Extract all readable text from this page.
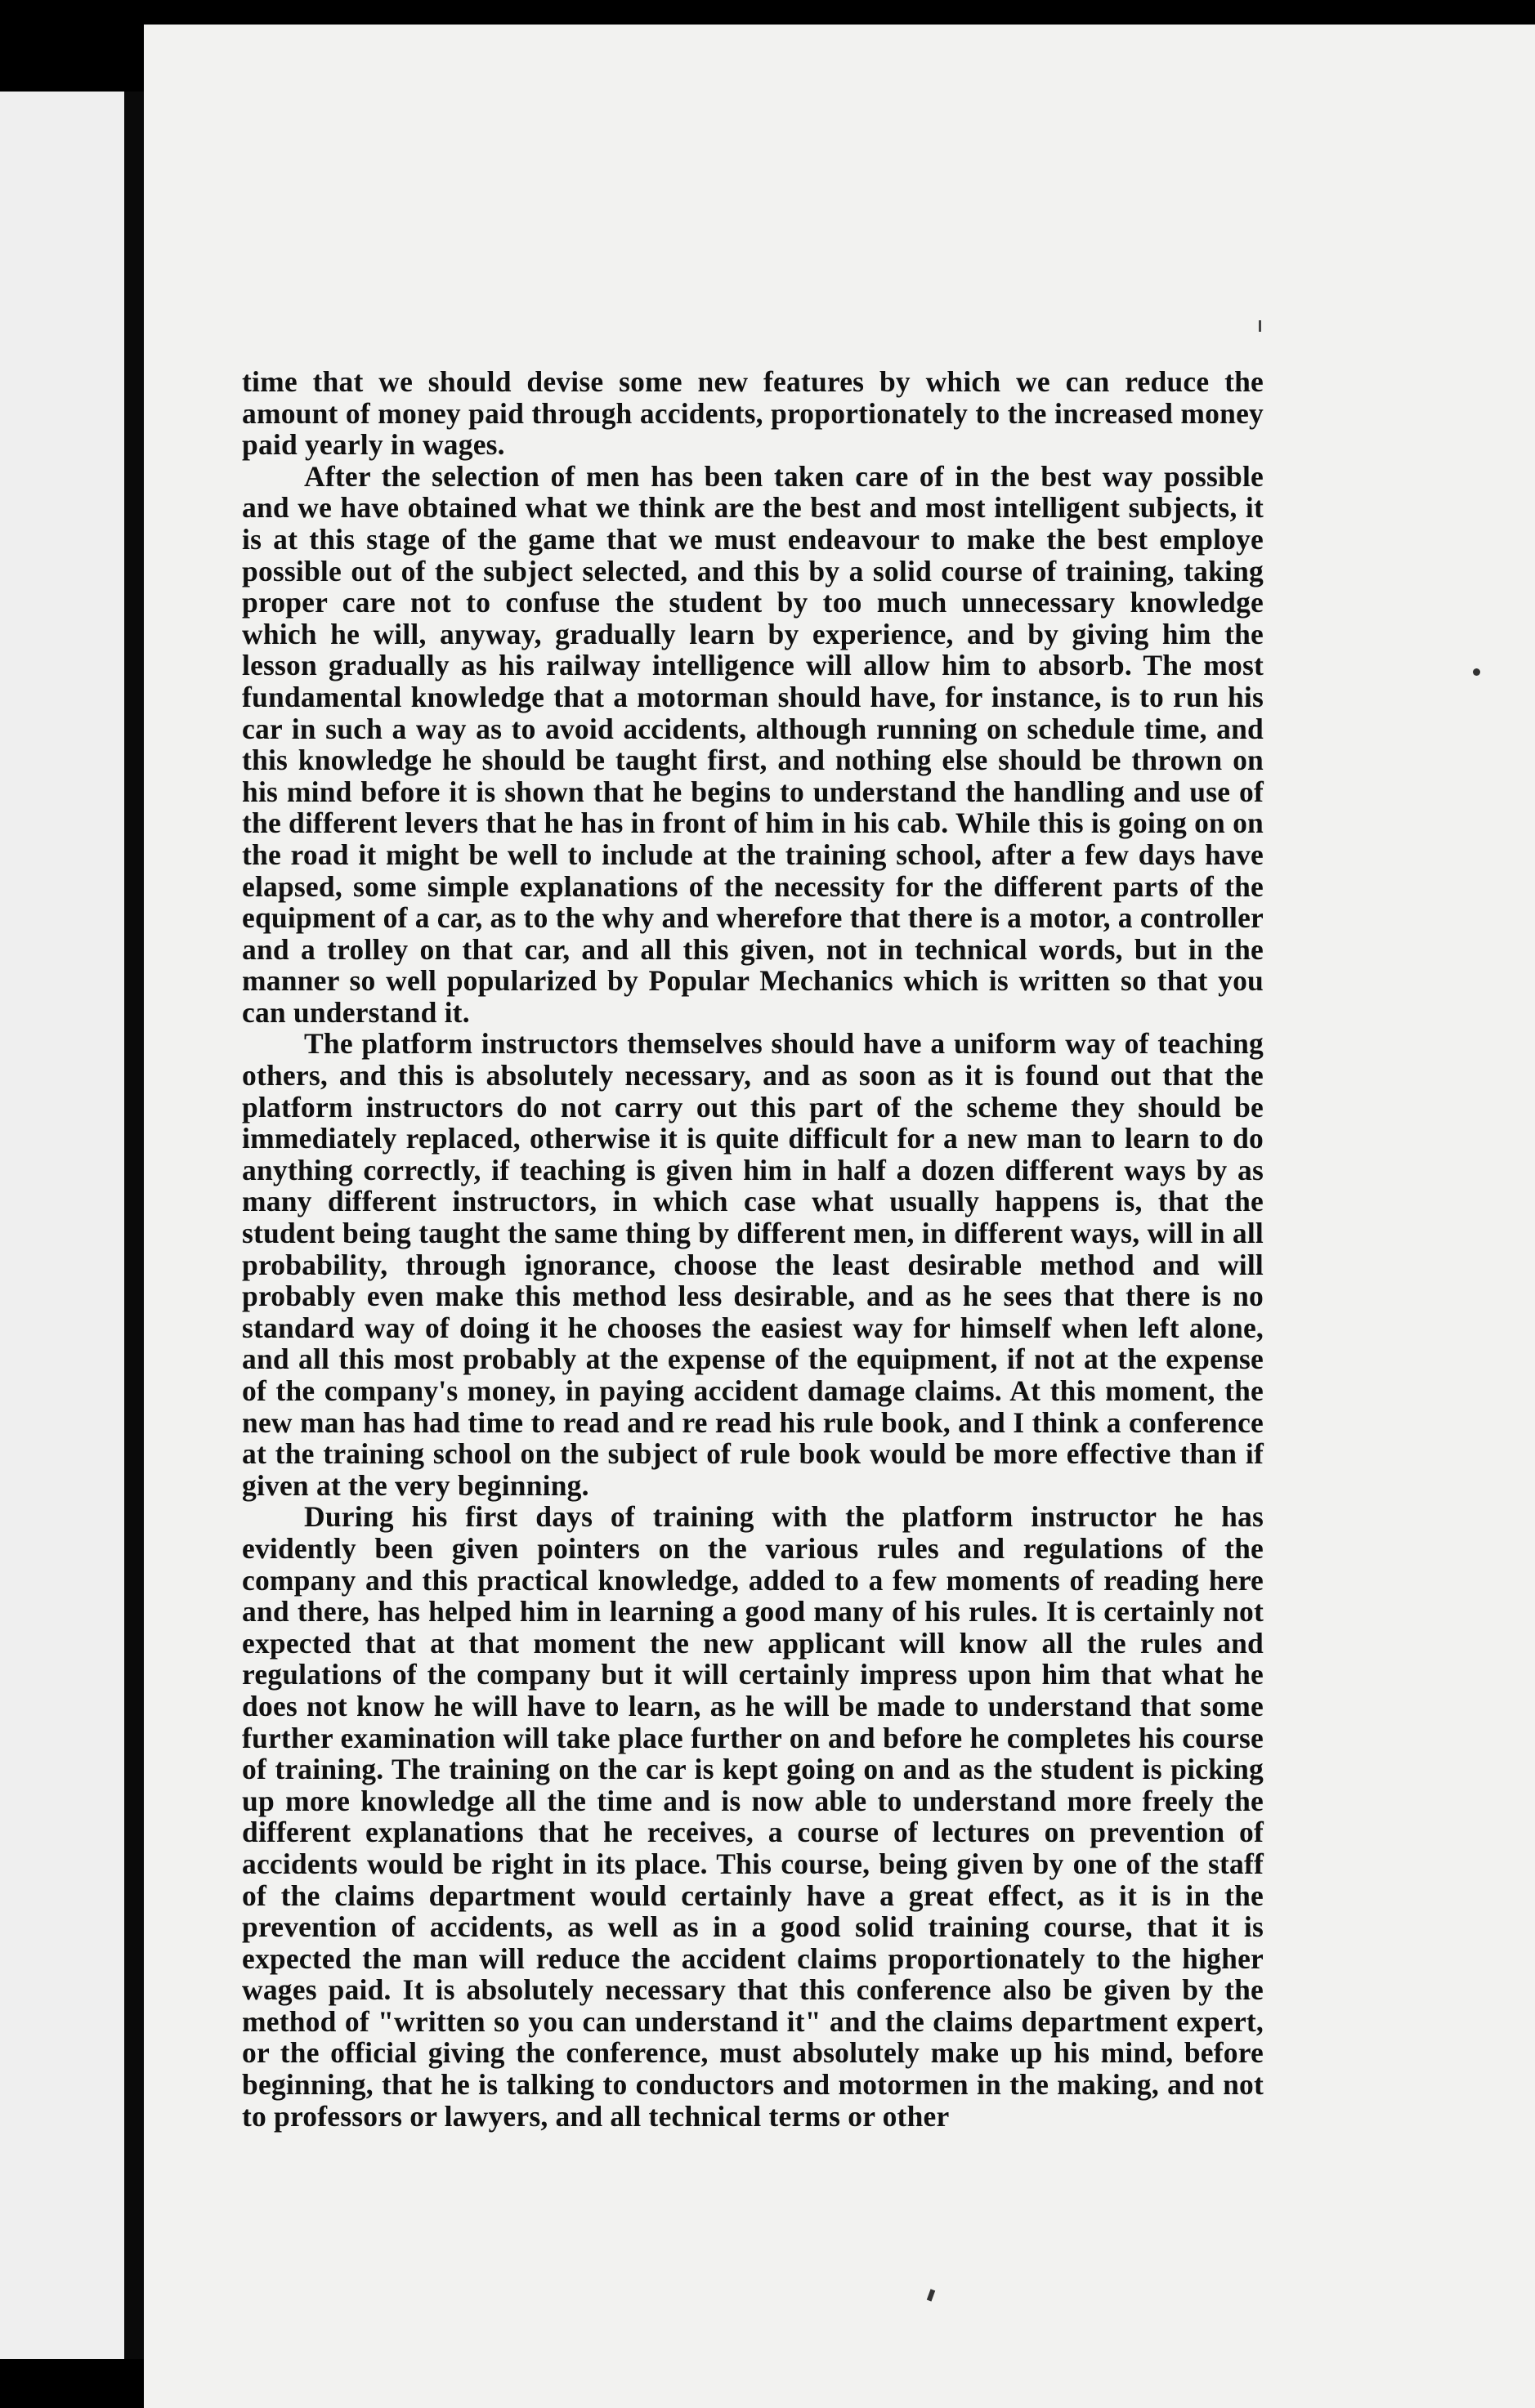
time that we should devise some new features by which we can reduce the amount of money paid through accidents, proportionately to the increased money paid yearly in wages.

After the selection of men has been taken care of in the best way possible and we have obtained what we think are the best and most intelligent subjects, it is at this stage of the game that we must endeavour to make the best employe possible out of the subject selected, and this by a solid course of training, taking proper care not to confuse the student by too much unnecessary knowledge which he will, anyway, gradually learn by experience, and by giving him the lesson gradually as his railway intelligence will allow him to absorb. The most fundamental knowledge that a motorman should have, for instance, is to run his car in such a way as to avoid accidents, although running on schedule time, and this knowledge he should be taught first, and nothing else should be thrown on his mind before it is shown that he begins to understand the handling and use of the different levers that he has in front of him in his cab. While this is going on on the road it might be well to include at the training school, after a few days have elapsed, some simple explanations of the necessity for the different parts of the equipment of a car, as to the why and wherefore that there is a motor, a controller and a trolley on that car, and all this given, not in technical words, but in the manner so well popularized by Popular Mechanics which is written so that you can understand it.

The platform instructors themselves should have a uniform way of teaching others, and this is absolutely necessary, and as soon as it is found out that the platform instructors do not carry out this part of the scheme they should be immediately replaced, otherwise it is quite difficult for a new man to learn to do anything correctly, if teaching is given him in half a dozen different ways by as many different instructors, in which case what usually happens is, that the student being taught the same thing by different men, in different ways, will in all probability, through ignorance, choose the least desirable method and will probably even make this method less desirable, and as he sees that there is no standard way of doing it he chooses the easiest way for himself when left alone, and all this most probably at the expense of the equipment, if not at the expense of the company's money, in paying accident damage claims. At this moment, the new man has had time to read and re read his rule book, and I think a conference at the training school on the subject of rule book would be more effective than if given at the very beginning.

During his first days of training with the platform instructor he has evidently been given pointers on the various rules and regulations of the company and this practical knowledge, added to a few moments of reading here and there, has helped him in learning a good many of his rules. It is certainly not expected that at that moment the new applicant will know all the rules and regulations of the company but it will certainly impress upon him that what he does not know he will have to learn, as he will be made to understand that some further examination will take place further on and before he completes his course of training. The training on the car is kept going on and as the student is picking up more knowledge all the time and is now able to understand more freely the different explanations that he receives, a course of lectures on prevention of accidents would be right in its place. This course, being given by one of the staff of the claims department would certainly have a great effect, as it is in the prevention of accidents, as well as in a good solid training course, that it is expected the man will reduce the accident claims proportionately to the higher wages paid. It is absolutely necessary that this conference also be given by the method of "written so you can understand it" and the claims department expert, or the official giving the conference, must absolutely make up his mind, before beginning, that he is talking to conductors and motormen in the making, and not to professors or lawyers, and all technical terms or other
